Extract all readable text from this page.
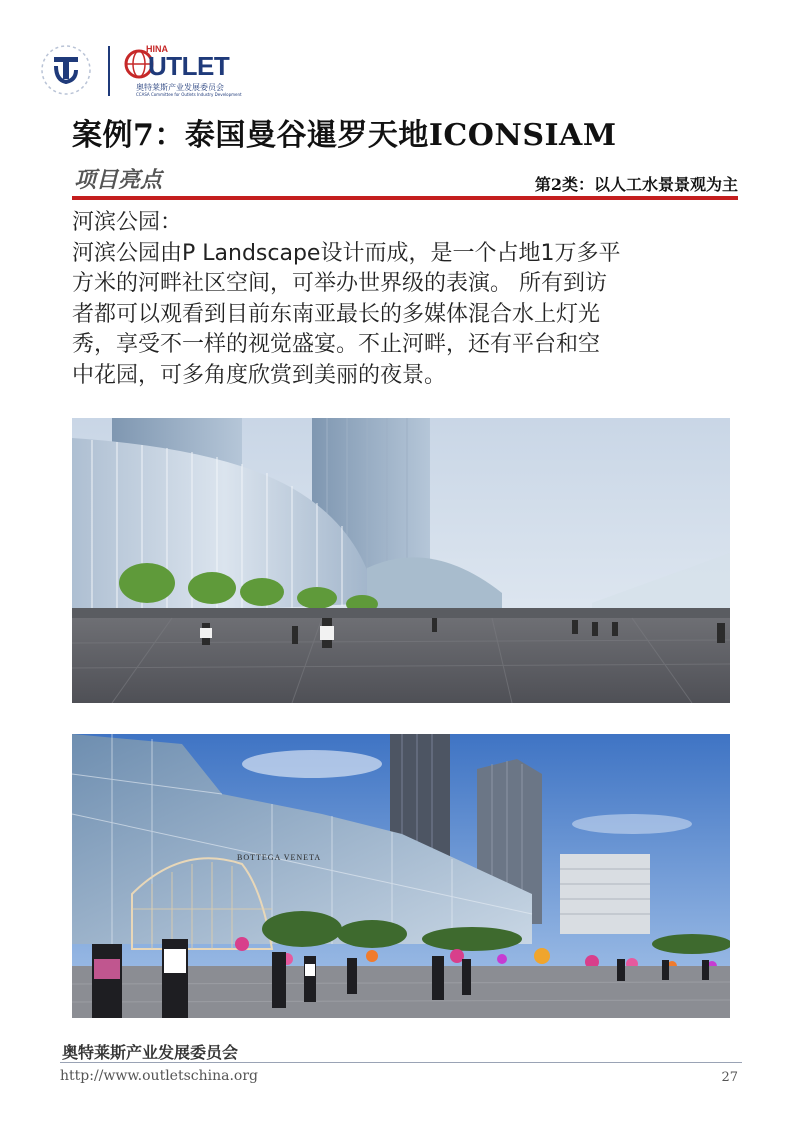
HINA
UTLET
奥特莱斯产业发展委员会
CCASA Committee for Outlets Industry Development
案例7：泰国曼谷暹罗天地ICONSIAM
项目亮点	第2类：以人工水景景观为主

河滨公园：

河滨公园由P Landscape设计而成，是一个占地1万多平

方米的河畔社区空间，可举办世界级的表演。 所有到访

者都可以观看到目前东南亚最长的多媒体混合水上灯光

秀，享受不一样的视觉盛宴。不止河畔，还有平台和空

中花园，可多角度欣赏到美丽的夜景。

BOTTEGA VENETA
奥特莱斯产业发展委员会
http://www.outletschina.org	27
